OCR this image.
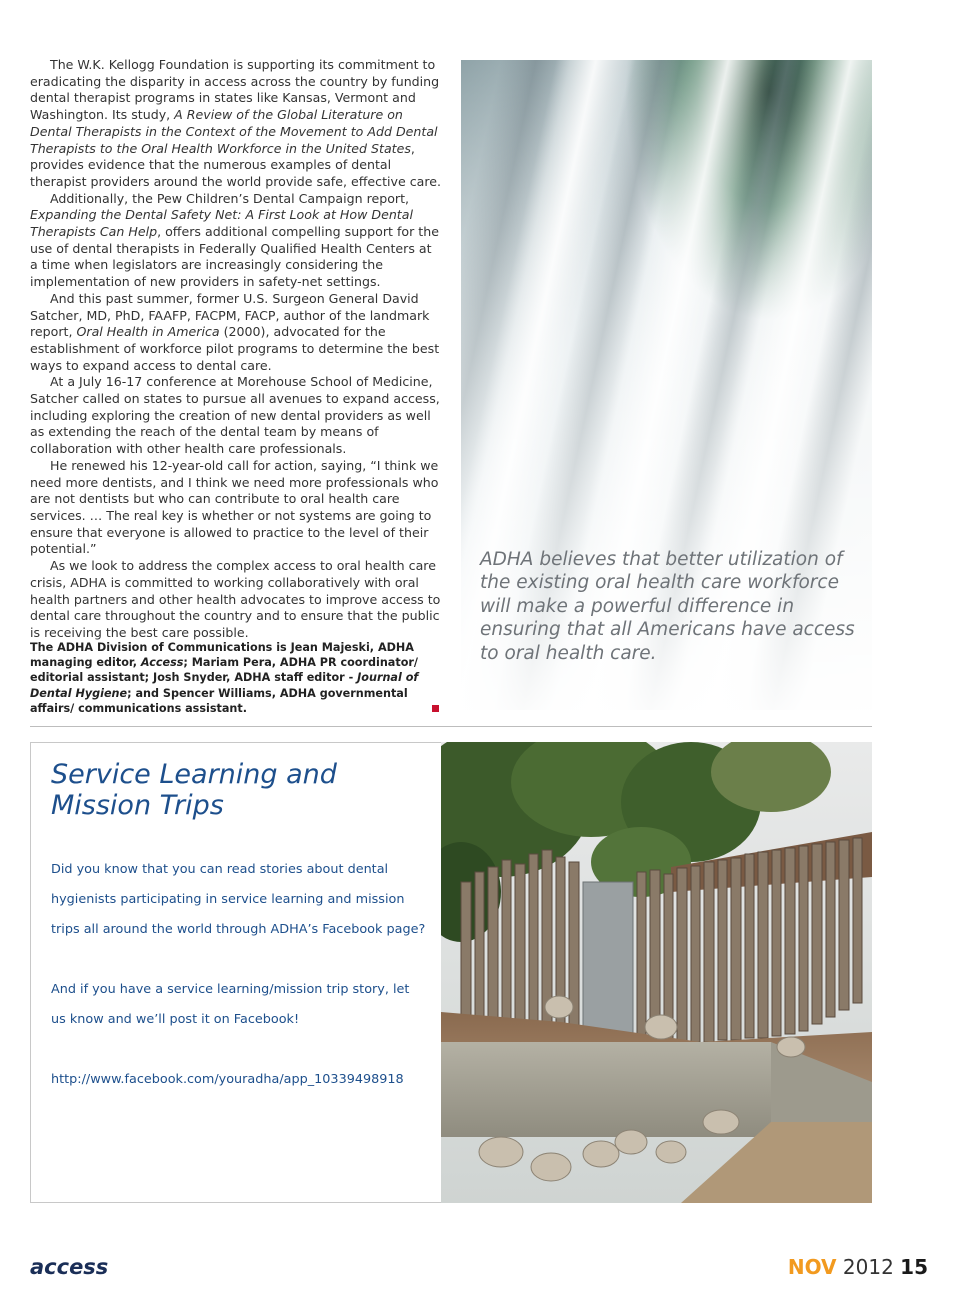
The W.K. Kellogg Foundation is supporting its commitment to eradicating the disparity in access across the country by funding dental therapist programs in states like Kansas, Vermont and Washington. Its study, A Review of the Global Literature on Dental Therapists in the Context of the Movement to Add Dental Therapists to the Oral Health Workforce in the United States, provides evidence that the numerous examples of dental therapist providers around the world provide safe, effective care.

Additionally, the Pew Children’s Dental Campaign report, Expanding the Dental Safety Net: A First Look at How Dental Therapists Can Help, offers additional compelling support for the use of dental therapists in Federally Qualified Health Centers at a time when legislators are increasingly considering the implementation of new providers in safety-net settings.

And this past summer, former U.S. Surgeon General David Satcher, MD, PhD, FAAFP, FACPM, FACP, author of the landmark report, Oral Health in America (2000), advocated for the establishment of workforce pilot programs to determine the best ways to expand access to dental care.

At a July 16-17 conference at Morehouse School of Medicine, Satcher called on states to pursue all avenues to expand access, including exploring the creation of new dental providers as well as extending the reach of the dental team by means of collaboration with other health care professionals.

He renewed his 12-year-old call for action, saying, “I think we need more dentists, and I think we need more professionals who are not dentists but who can contribute to oral health care services. … The real key is whether or not systems are going to ensure that everyone is allowed to practice to the level of their potential.”

As we look to address the complex access to oral health care crisis, ADHA is committed to working collaboratively with oral health partners and other health advocates to improve access to dental care throughout the country and to ensure that the public is receiving the best care possible.

The ADHA Division of Communications is Jean Majeski, ADHA managing editor, Access; Mariam Pera, ADHA PR coordinator/ editorial assistant; Josh Snyder, ADHA staff editor - Journal of Dental Hygiene; and Spencer Williams, ADHA governmental affairs/ communications assistant.
ADHA believes that better utilization of the existing oral health care workforce will make a powerful difference in ensuring that all Americans have access to oral health care.
Service Learning and Mission Trips

Did you know that you can read stories about dental

hygienists participating in service learning and mission

trips all around the world through ADHA’s Facebook page?

And if you have a service learning/mission trip story, let

us know and we’ll post it on Facebook!

http://www.facebook.com/youradha/app_10339498918

access	NOV 2012 15
